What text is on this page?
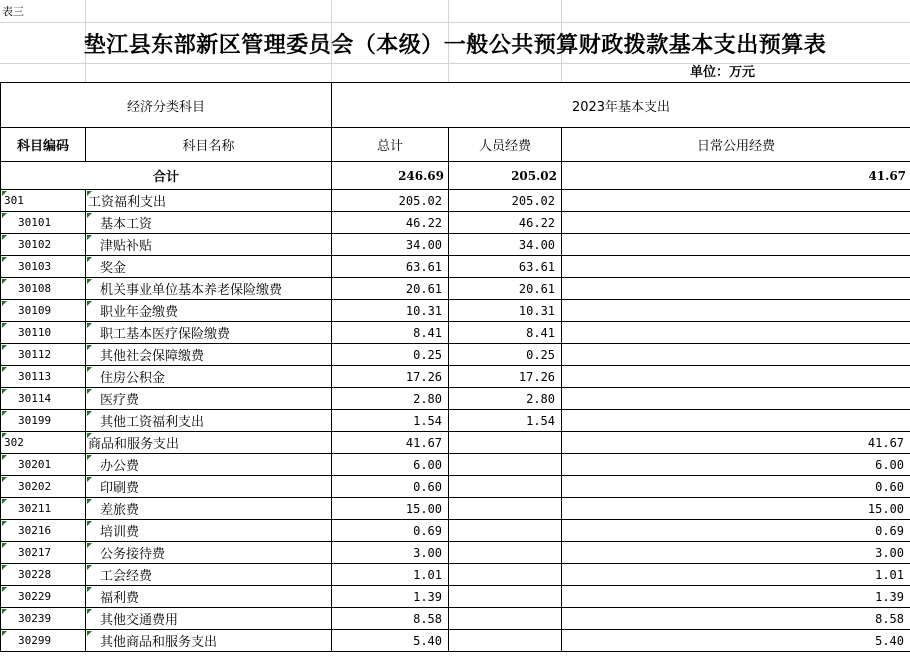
表三
垫江县东部新区管理委员会（本级）一般公共预算财政拨款基本支出预算表
单位：万元
经济分类科目		2023年基本支出		
科目编码	科目名称	总计	人员经费	日常公用经费
合计		246.69	205.02	41.67
301	工资福利支出	205.02	205.02	
30101	基本工资	46.22	46.22	
30102	津贴补贴	34.00	34.00	
30103	奖金	63.61	63.61	
30108	机关事业单位基本养老保险缴费	20.61	20.61	
30109	职业年金缴费	10.31	10.31	
30110	职工基本医疗保险缴费	8.41	8.41	
30112	其他社会保障缴费	0.25	0.25	
30113	住房公积金	17.26	17.26	
30114	医疗费	2.80	2.80	
30199	其他工资福利支出	1.54	1.54	
302	商品和服务支出	41.67		41.67
30201	办公费	6.00		6.00
30202	印刷费	0.60		0.60
30211	差旅费	15.00		15.00
30216	培训费	0.69		0.69
30217	公务接待费	3.00		3.00
30228	工会经费	1.01		1.01
30229	福利费	1.39		1.39
30239	其他交通费用	8.58		8.58
30299	其他商品和服务支出	5.40		5.40
